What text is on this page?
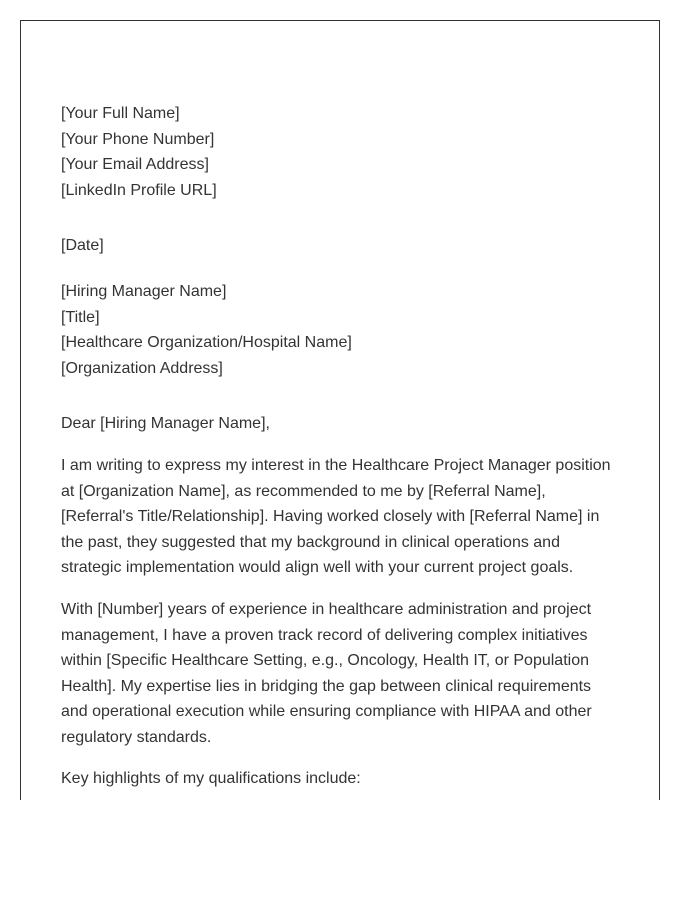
[Your Full Name]
[Your Phone Number]
[Your Email Address]
[LinkedIn Profile URL]
[Date]
[Hiring Manager Name]
[Title]
[Healthcare Organization/Hospital Name]
[Organization Address]

Dear [Hiring Manager Name],

I am writing to express my interest in the Healthcare Project Manager position at [Organization Name], as recommended to me by [Referral Name], [Referral's Title/Relationship]. Having worked closely with [Referral Name] in the past, they suggested that my background in clinical operations and strategic implementation would align well with your current project goals.

With [Number] years of experience in healthcare administration and project management, I have a proven track record of delivering complex initiatives within [Specific Healthcare Setting, e.g., Oncology, Health IT, or Population Health]. My expertise lies in bridging the gap between clinical requirements and operational execution while ensuring compliance with HIPAA and other regulatory standards.

Key highlights of my qualifications include:
